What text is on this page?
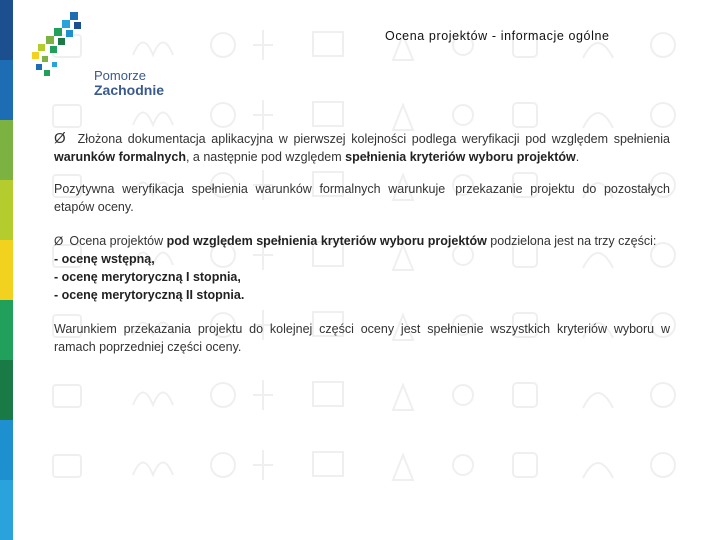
Pomorze
Zachodnie
Ocena projektów - informacje ogólne

Ø Złożona dokumentacja aplikacyjna w pierwszej kolejności podlega weryfikacji pod względem spełnienia warunków formalnych, a następnie pod względem spełnienia kryteriów wyboru projektów.

Pozytywna weryfikacja spełnienia warunków formalnych warunkuje przekazanie projektu do pozostałych etapów oceny.

Ø Ocena projektów pod względem spełnienia kryteriów wyboru projektów podzielona jest na trzy części:
- ocenę wstępną,
- ocenę merytoryczną I stopnia,
- ocenę merytoryczną II stopnia.

Warunkiem przekazania projektu do kolejnej części oceny jest spełnienie wszystkich kryteriów wyboru w ramach poprzedniej części oceny.
